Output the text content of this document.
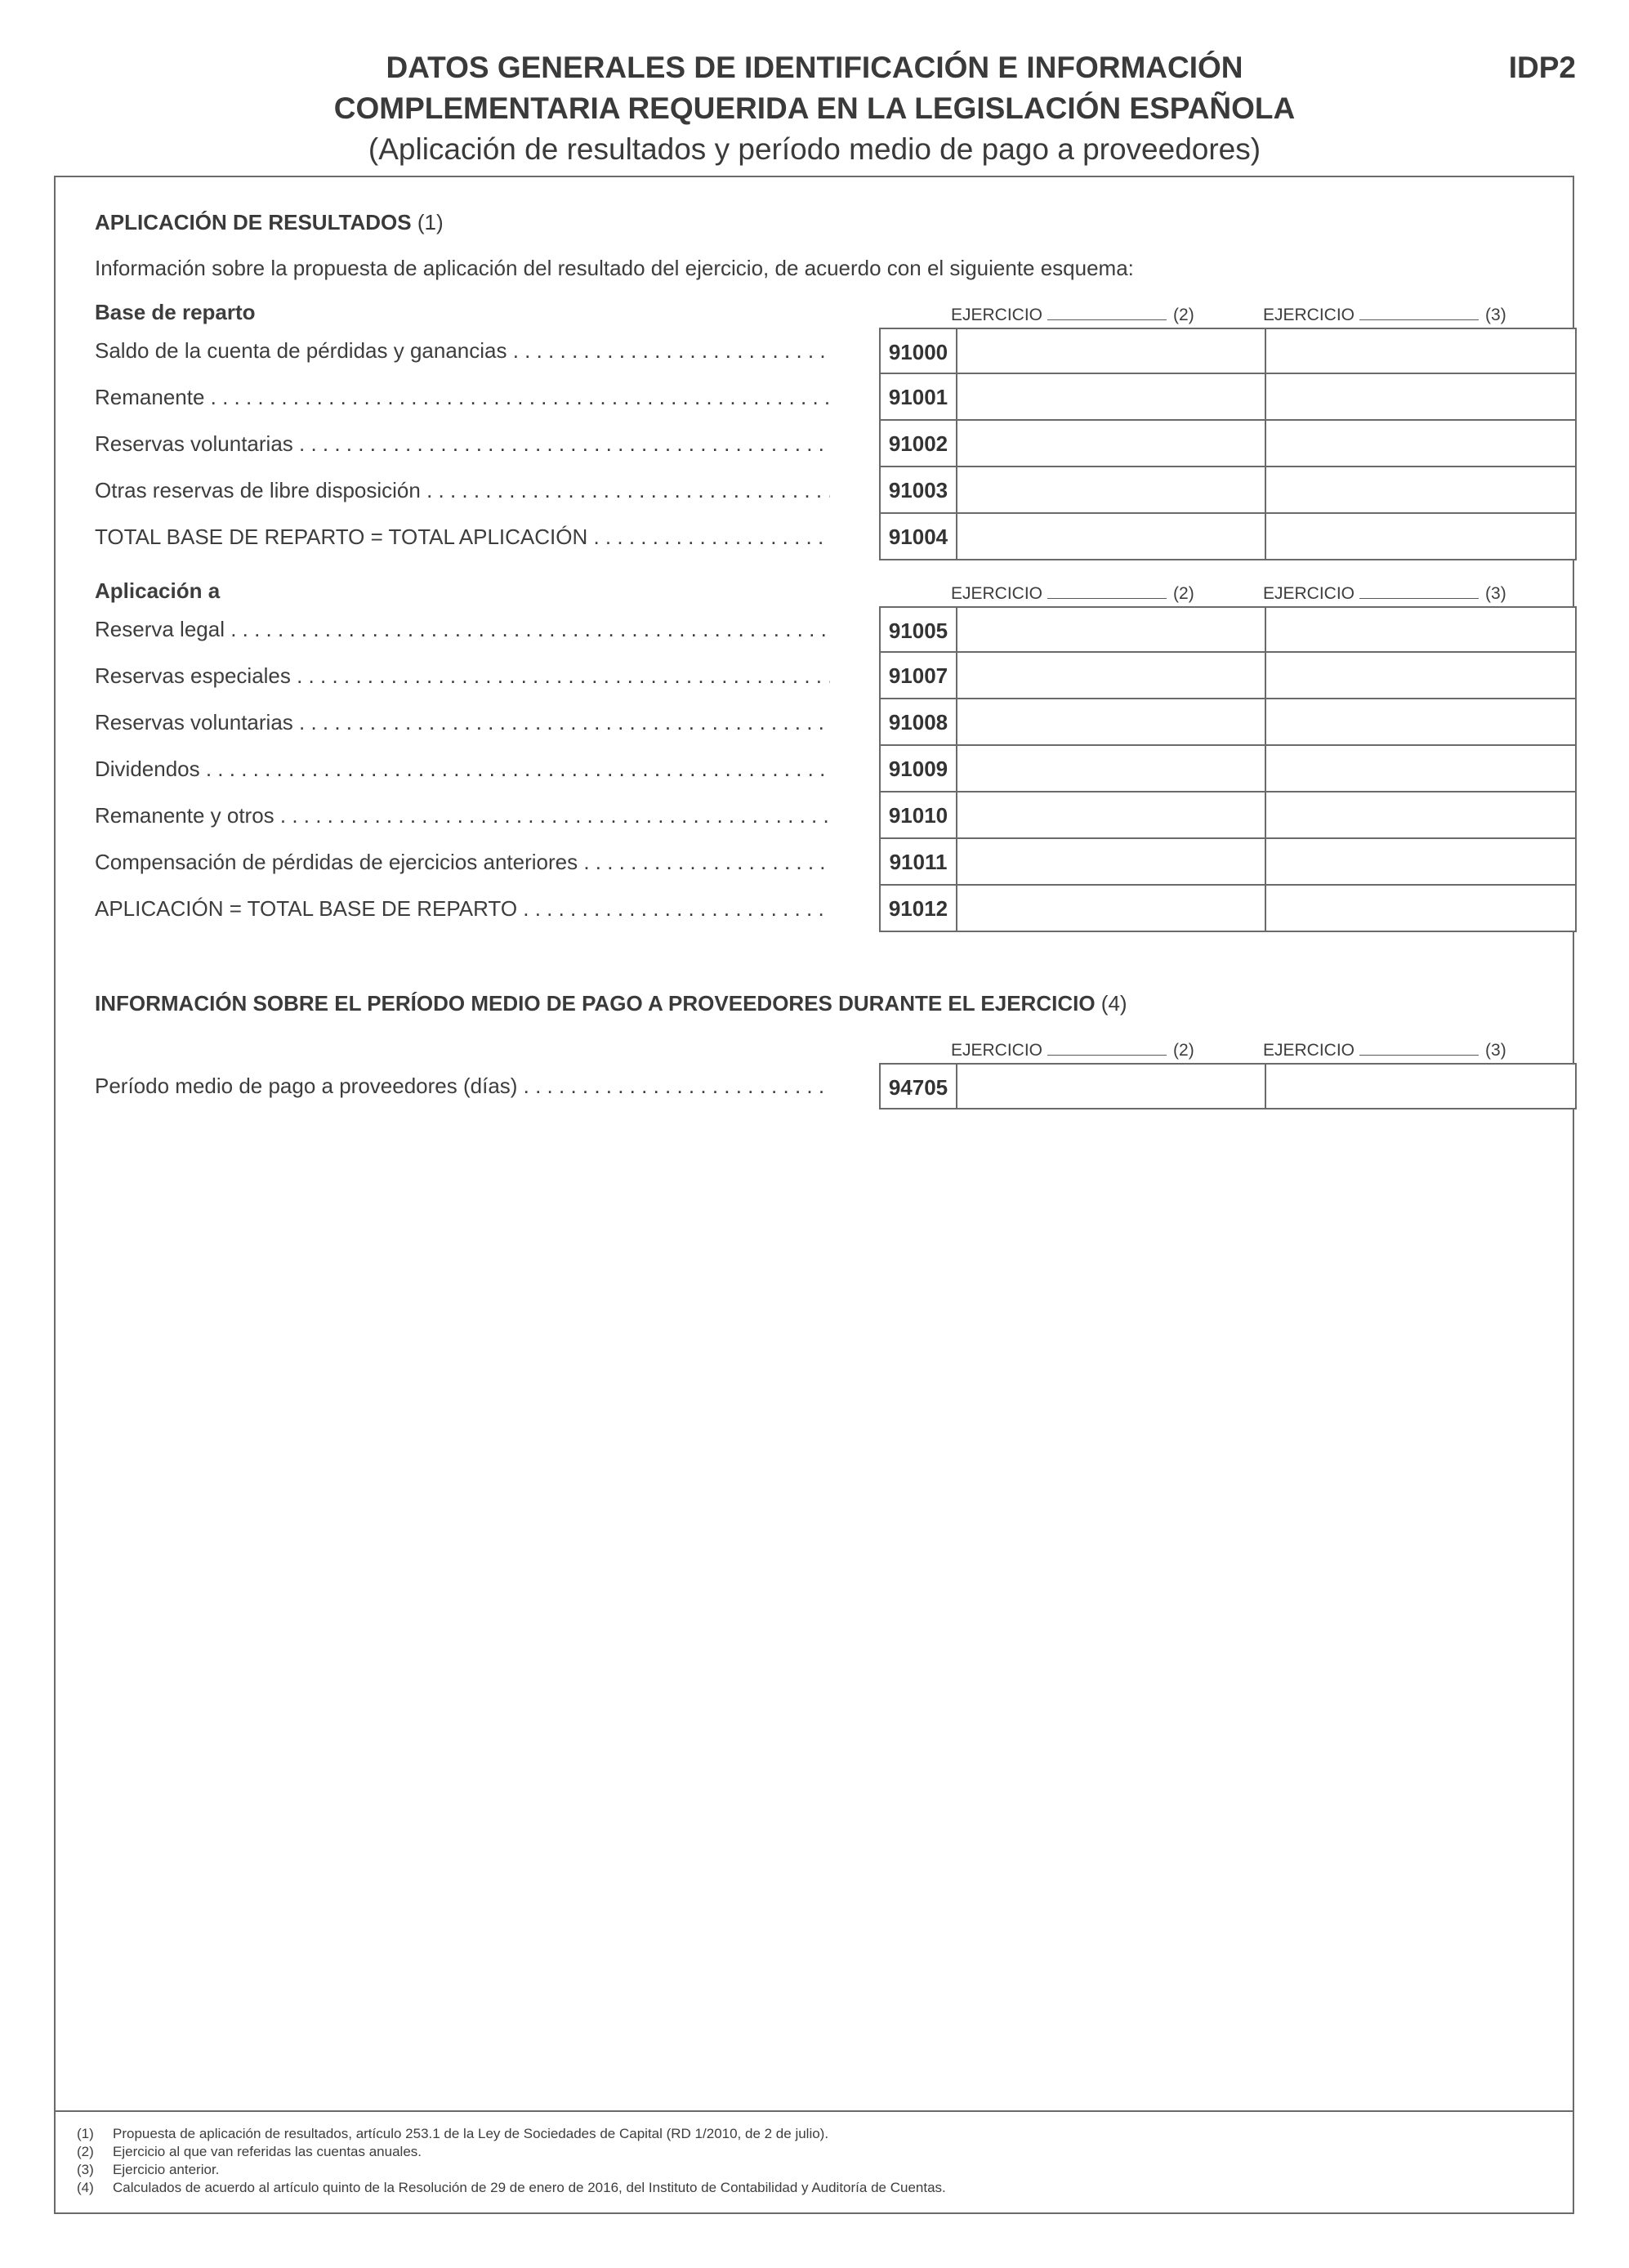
DATOS GENERALES DE IDENTIFICACIÓN E INFORMACIÓN
COMPLEMENTARIA REQUERIDA EN LA LEGISLACIÓN ESPAÑOLA
(Aplicación de resultados y período medio de pago a proveedores)
IDP2
APLICACIÓN DE RESULTADOS (1)
Información sobre la propuesta de aplicación del resultado del ejercicio, de acuerdo con el siguiente esquema:
Base de reparto	EJERCICIO	(2)	EJERCICIO	(3)
Saldo de la cuenta de pérdidas y ganancias . . .	91000
Remanente . . .	91001
Reservas voluntarias . . .	91002
Otras reservas de libre disposición . . .	91003
TOTAL BASE DE REPARTO = TOTAL APLICACIÓN . . .	91004
Aplicación a	EJERCICIO	(2)	EJERCICIO	(3)
Reserva legal . . .	91005
Reservas especiales . . .	91007
Reservas voluntarias . . .	91008
Dividendos . . .	91009
Remanente y otros . . .	91010
Compensación de pérdidas de ejercicios anteriores . . .	91011
APLICACIÓN = TOTAL BASE DE REPARTO . . .	91012
INFORMACIÓN SOBRE EL PERÍODO MEDIO DE PAGO A PROVEEDORES DURANTE EL EJERCICIO (4)
EJERCICIO	(2)	EJERCICIO	(3)
Período medio de pago a proveedores (días) . . .	94705
(1)	Propuesta de aplicación de resultados, artículo 253.1 de la Ley de Sociedades de Capital (RD 1/2010, de 2 de julio).
(2)	Ejercicio al que van referidas las cuentas anuales.
(3)	Ejercicio anterior.
(4)	Calculados de acuerdo al artículo quinto de la Resolución de 29 de enero de 2016, del Instituto de Contabilidad y Auditoría de Cuentas.
